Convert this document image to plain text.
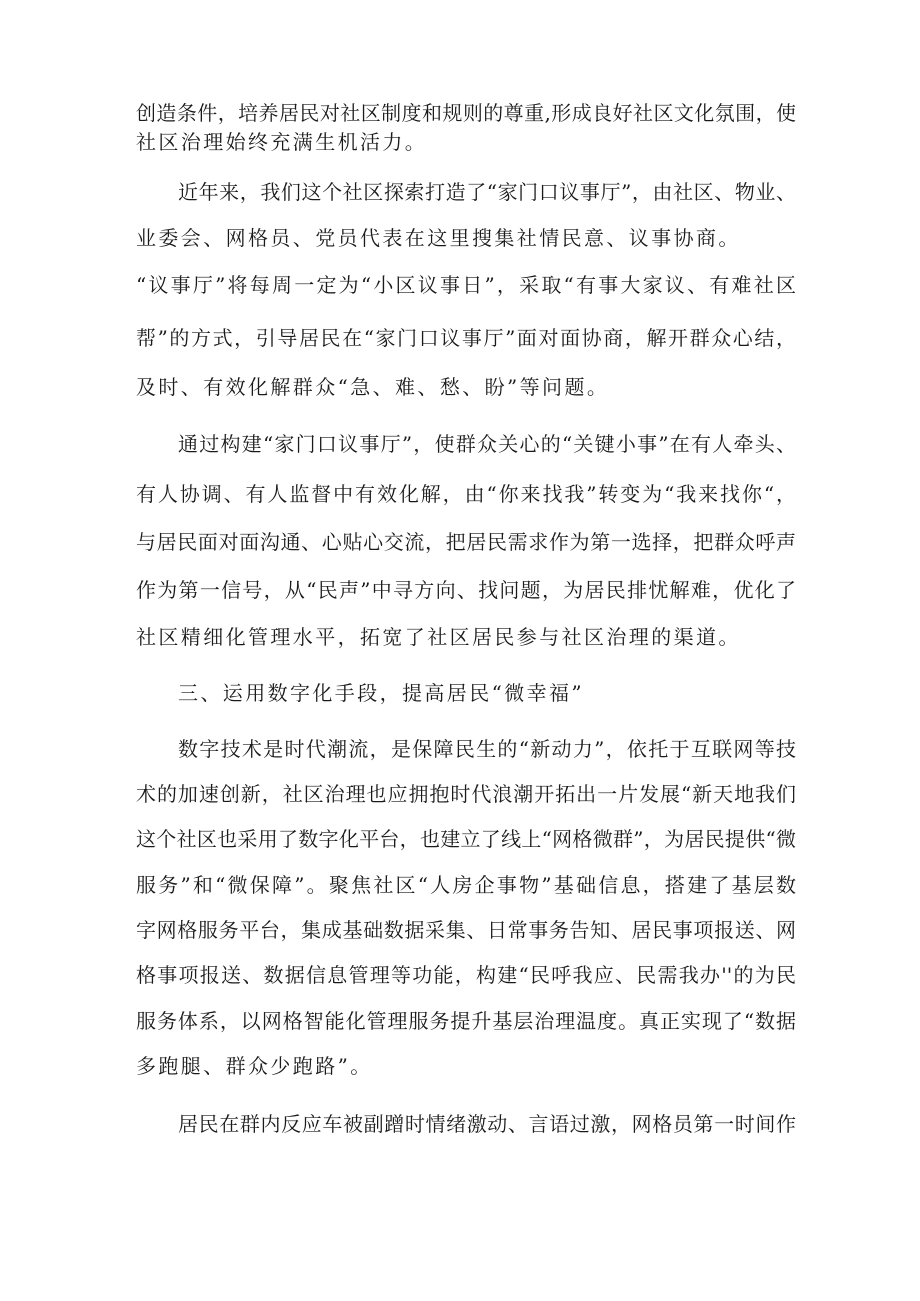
创造条件，培养居民对社区制度和规则的尊重,形成良好社区文化氛围，使
社区治理始终充满生机活力。
近年来，我们这个社区探索打造了“家门口议事厅”，由社区、物业、
业委会、网格员、党员代表在这里搜集社情民意、议事协商。
“议事厅”将每周一定为“小区议事日”，采取“有事大家议、有难社区
帮”的方式，引导居民在“家门口议事厅”面对面协商，解开群众心结，
及时、有效化解群众“急、难、愁、盼”等问题。
通过构建“家门口议事厅”，使群众关心的“关键小事”在有人牵头、
有人协调、有人监督中有效化解，由“你来找我”转变为“我来找你“，
与居民面对面沟通、心贴心交流，把居民需求作为第一选择，把群众呼声
作为第一信号，从“民声”中寻方向、找问题，为居民排忧解难，优化了
社区精细化管理水平，拓宽了社区居民参与社区治理的渠道。
三、运用数字化手段，提高居民“微幸福”
数字技术是时代潮流，是保障民生的“新动力”，依托于互联网等技
术的加速创新，社区治理也应拥抱时代浪潮开拓出一片发展“新天地我们
这个社区也采用了数字化平台，也建立了线上“网格微群”，为居民提供“微
服务”和“微保障”。聚焦社区“人房企事物”基础信息，搭建了基层数
字网格服务平台，集成基础数据采集、日常事务告知、居民事项报送、网
格事项报送、数据信息管理等功能，构建“民呼我应、民需我办''的为民
服务体系，以网格智能化管理服务提升基层治理温度。真正实现了“数据
多跑腿、群众少跑路”。
居民在群内反应车被副蹭时情绪激动、言语过激，网格员第一时间作
